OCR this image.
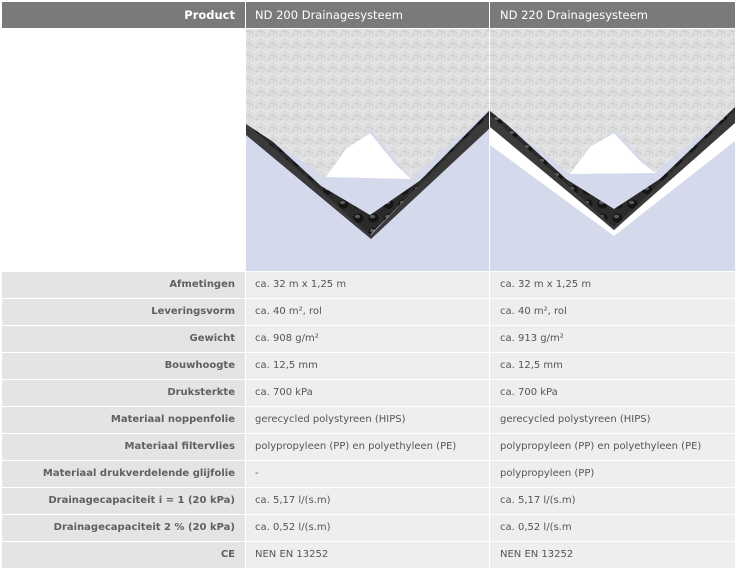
Product	ND 200 Drainagesysteem	ND 220 Drainagesysteem
Afmetingen	ca. 32 m x 1,25 m	ca. 32 m x 1,25 m
Leveringsvorm	ca. 40 m², rol	ca. 40 m², rol
Gewicht	ca. 908 g/m²	ca. 913 g/m²
Bouwhoogte	ca. 12,5 mm	ca. 12,5 mm
Druksterkte	ca. 700 kPa	ca. 700 kPa
Materiaal noppenfolie	gerecycled polystyreen (HIPS)	gerecycled polystyreen (HIPS)
Materiaal filtervlies	polypropyleen (PP) en polyethyleen (PE)	polypropyleen (PP) en polyethyleen (PE)
Materiaal drukverdelende glijfolie	-	polypropyleen (PP)
Drainagecapaciteit i = 1 (20 kPa)	ca. 5,17 l/(s.m)	ca. 5,17 l/(s.m)
Drainagecapaciteit 2 % (20 kPa)	ca. 0,52 l/(s.m)	ca. 0,52 l/(s.m
CE	NEN EN 13252	NEN EN 13252
